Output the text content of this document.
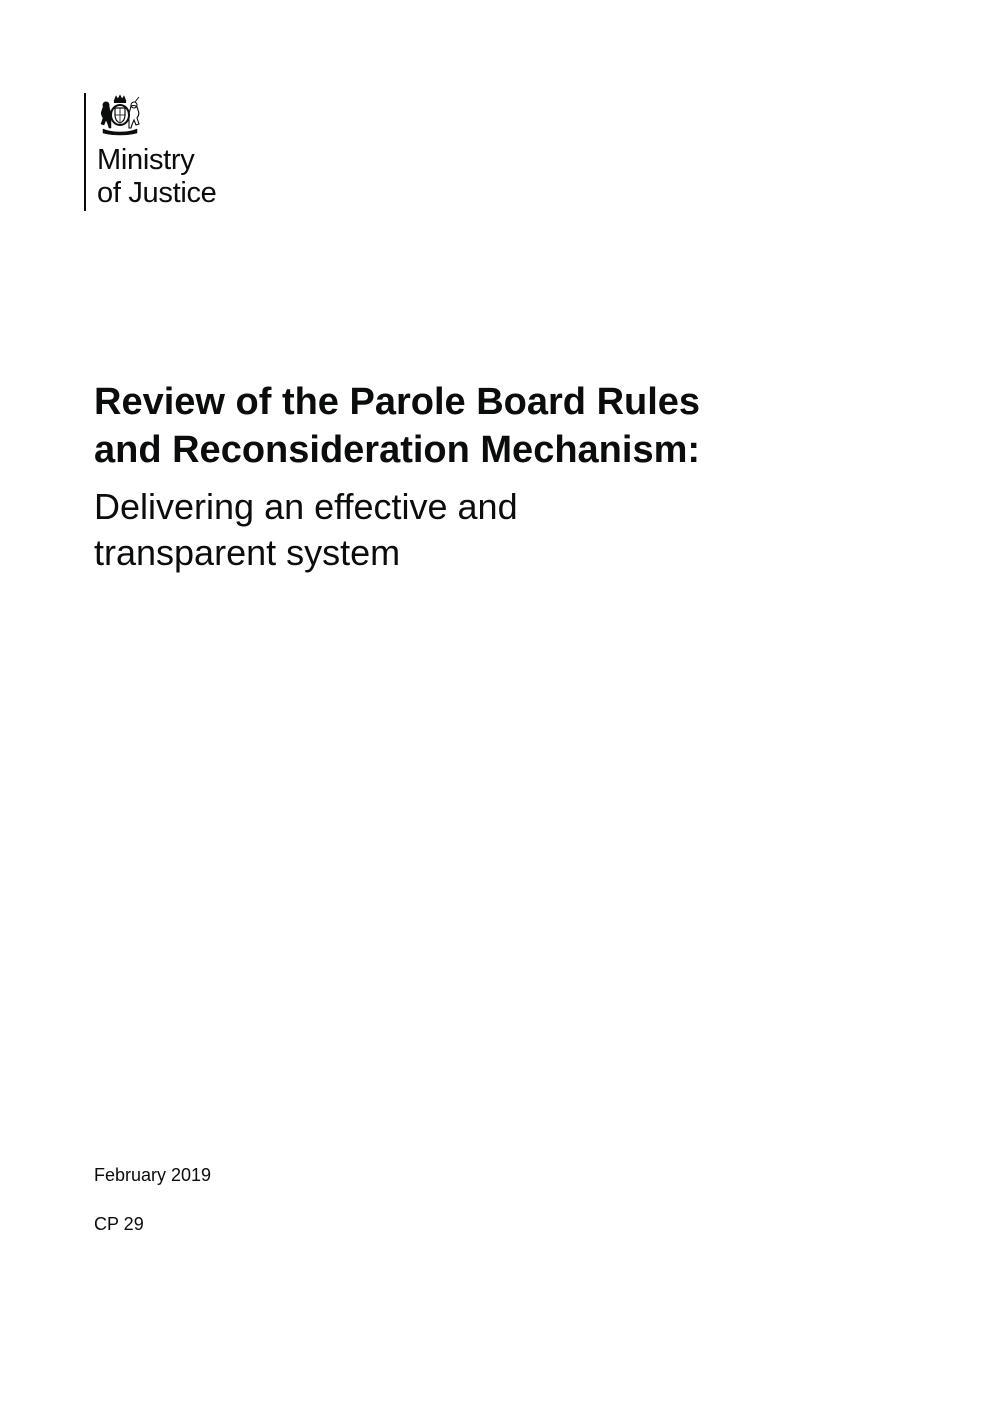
Ministry
of Justice
Review of the Parole Board Rules
and Reconsideration Mechanism:
Delivering an effective and
transparent system
February 2019
CP 29
